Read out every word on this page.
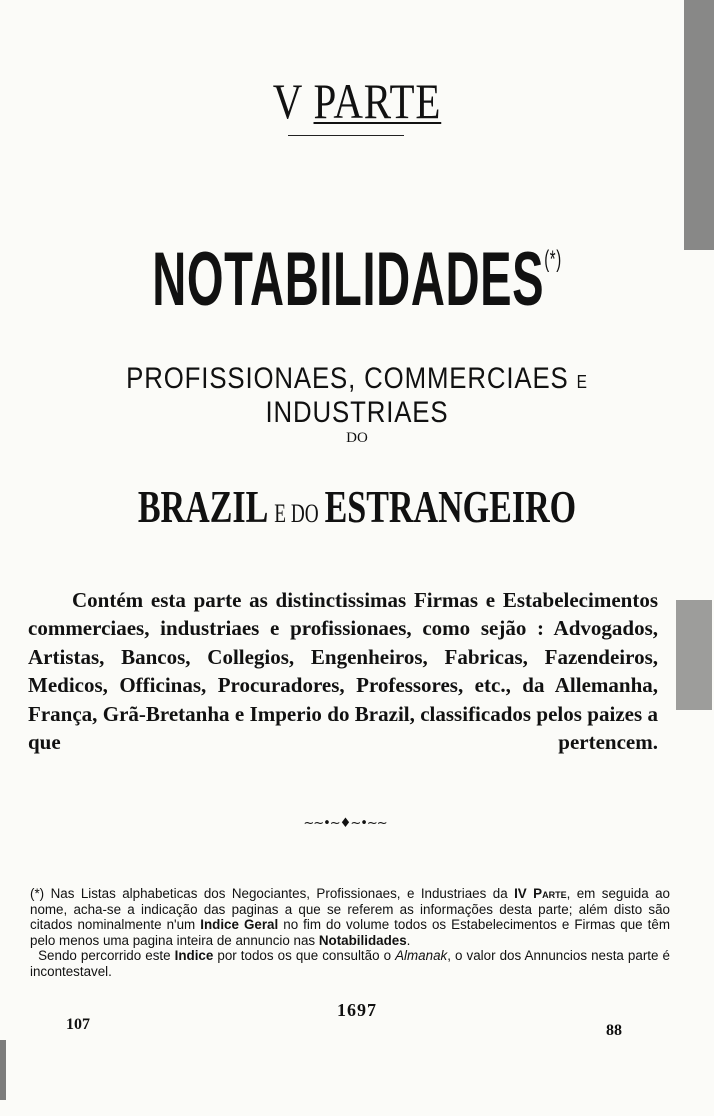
V PARTE
NOTABILIDADES(*)
PROFISSIONAES, COMMERCIAES E INDUSTRIAES
DO
BRAZIL E DO ESTRANGEIRO
Contém esta parte as distinctissimas Firmas e Estabelecimentos commerciaes, industriaes e profissionaes, como sejão : Advogados, Artistas, Bancos, Collegios, Engenheiros, Fabricas, Fazendeiros, Medicos, Officinas, Procuradores, Professores, etc., da Allemanha, França, Grã-Bretanha e Imperio do Brazil, classificados pelos paizes a que pertencem.
~~•~♦~•~~
(*) Nas Listas alphabeticas dos Negociantes, Profissionaes, e Industriaes da IV Parte, em seguida ao nome, acha-se a indicação das paginas a que se referem as informações desta parte; além disto são citados nominalmente n'um Indice Geral no fim do volume todos os Estabelecimentos e Firmas que têm pelo menos uma pagina inteira de annuncio nas Notabilidades.
Sendo percorrido este Indice por todos os que consultão o Almanak, o valor dos Annuncios nesta parte é incontestavel.
1697
107	88
